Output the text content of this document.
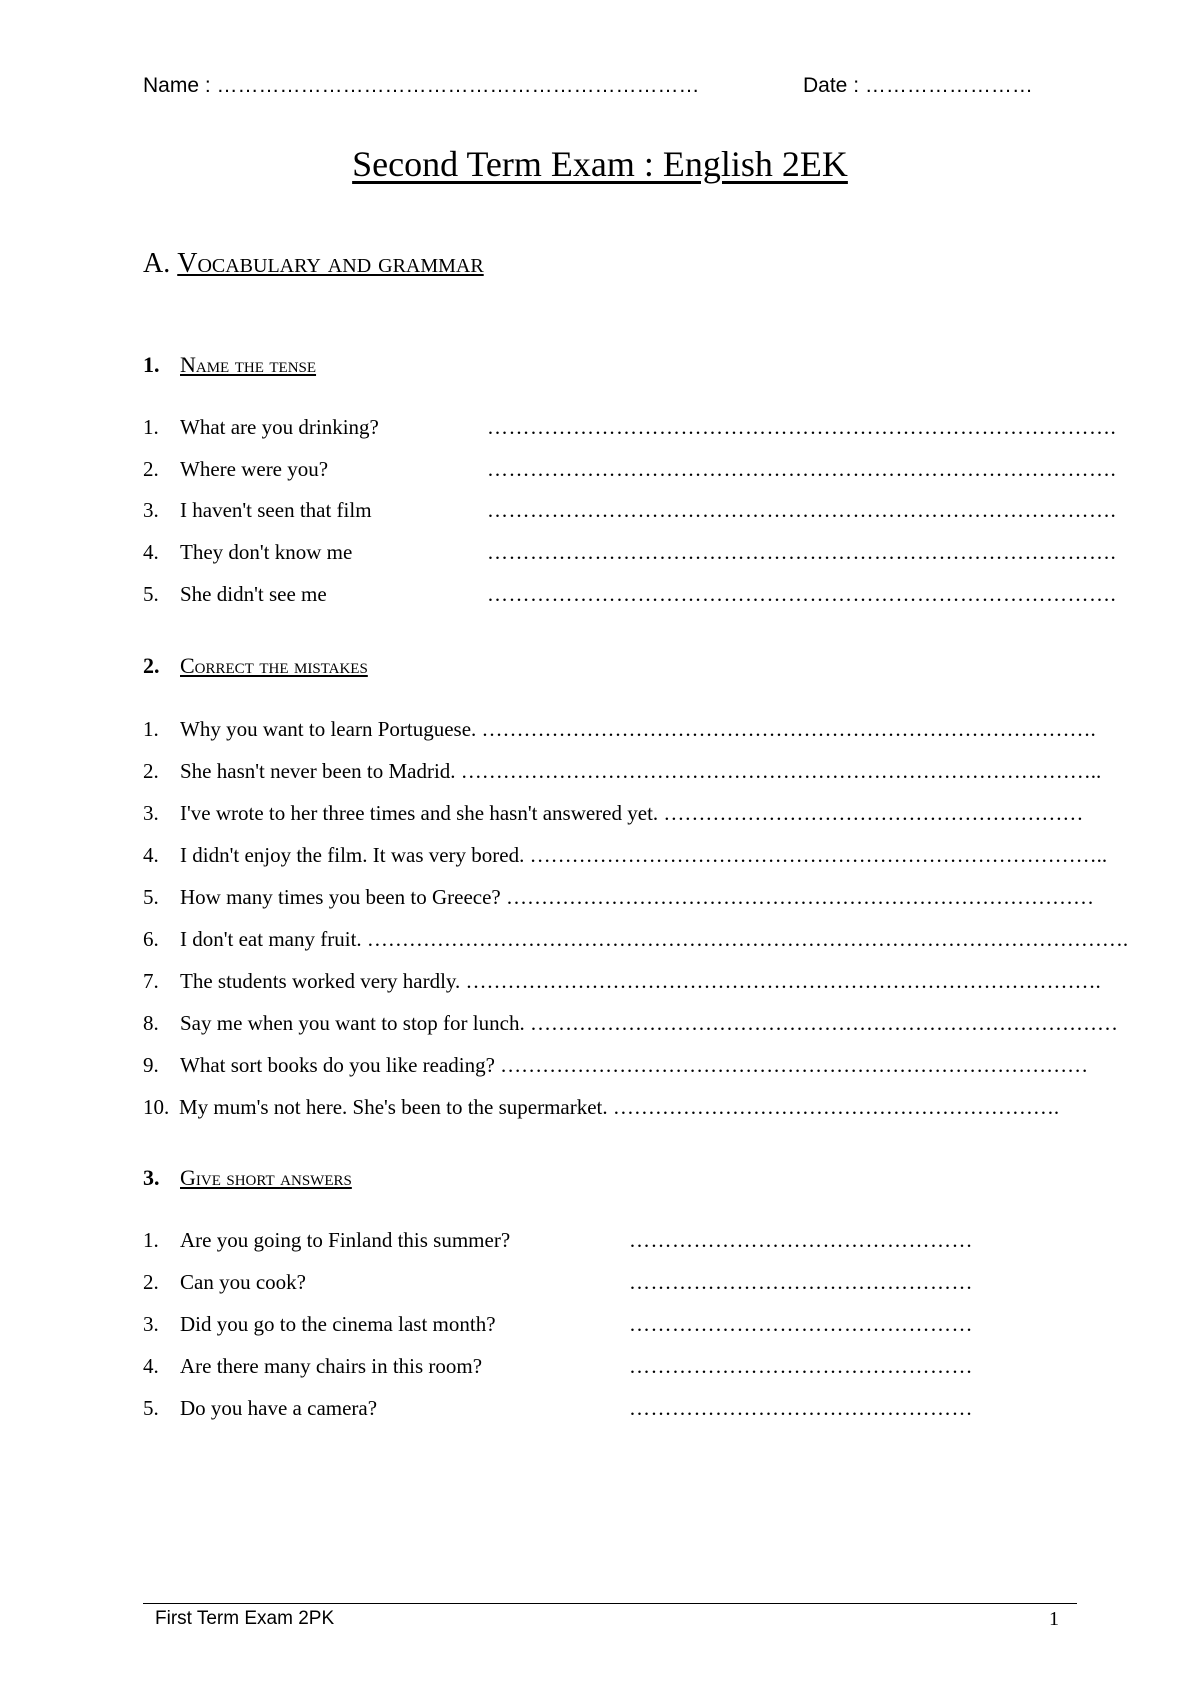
Name : ……………………………………………………………	Date : ……………………
Second Term Exam : English 2EK
A. Vocabulary and grammar
1. Name the tense
1. What are you drinking?	…………………………………………………………………………….
2. Where were you?	…………………………………………………………………………….
3. I haven't seen that film	…………………………………………………………………………….
4. They don't know me	…………………………………………………………………………….
5. She didn't see me	…………………………………………………………………………….
2. Correct the mistakes
1. Why you want to learn Portuguese. …………………………………………………………………………….
2. She hasn't never been to Madrid. ………………………………………………………………………………..
3. I've wrote to her three times and she hasn't answered yet. ……………………………………………………
4. I didn't enjoy the film. It was very bored. ………………………………………………………………………..
5. How many times you been to Greece? …………………………………………………………………………
6. I don't eat many fruit. ……………………………………………………………………………………………….
7. The students worked very hardly. ……………………………………………………………………………….
8. Say me when you want to stop for lunch. …………………………………………………………………………
9. What sort books do you like reading? …………………………………………………………………………
10. My mum's not here. She's been to the supermarket. ……………………………………………………….
3. Give short answers
1. Are you going to Finland this summer?	…………………………………………
2. Can you cook?	…………………………………………
3. Did you go to the cinema last month?	…………………………………………
4. Are there many chairs in this room?	…………………………………………
5. Do you have a camera?	…………………………………………
First Term Exam 2PK	1
